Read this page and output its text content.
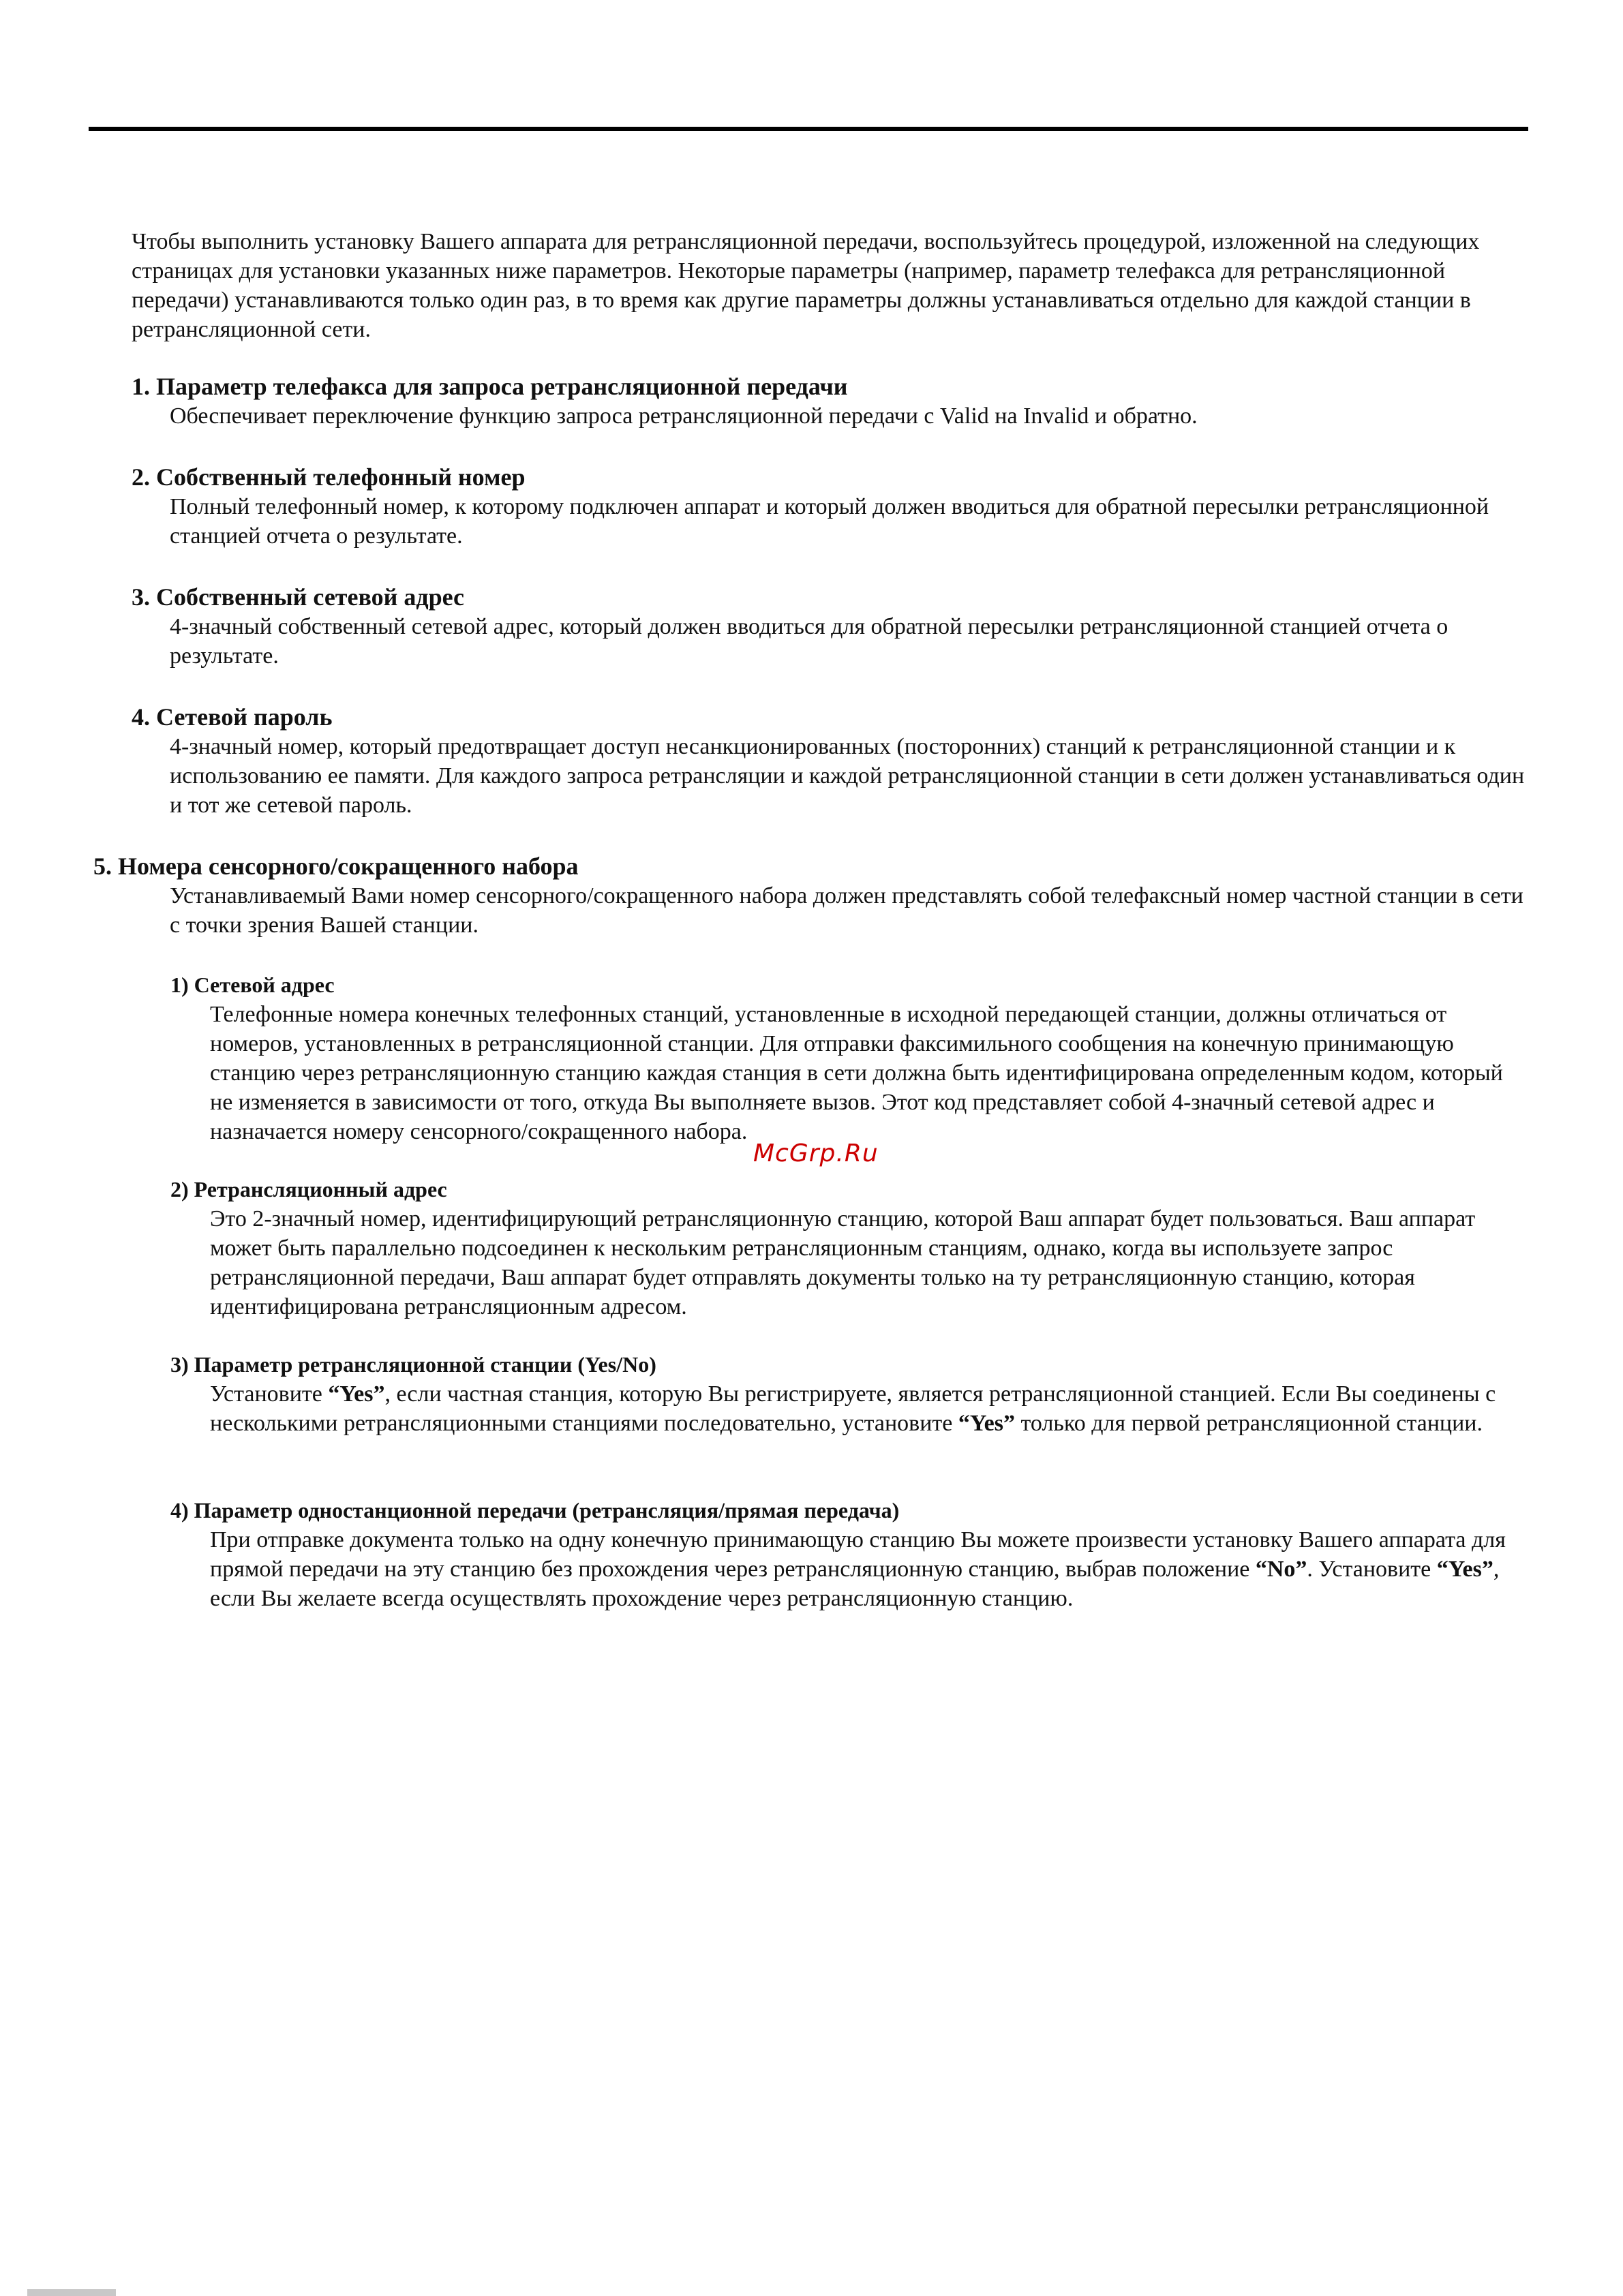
Чтобы выполнить установку Вашего аппарата для ретрансляционной передачи, воспользуйтесь процедурой, изложенной на следующих страницах для установки указанных ниже параметров. Некоторые параметры (например, параметр телефакса для ретрансляционной передачи) устанавливаются только один раз, в то время как другие параметры должны устанавливаться отдельно для каждой станции в ретрансляционной сети.
1. Параметр телефакса для запроса ретрансляционной передачи
Обеспечивает переключение функцию запроса ретрансляционной передачи с Valid на Invalid и обратно.
2. Собственный телефонный номер
Полный телефонный номер, к которому подключен аппарат и который должен вводиться для обратной пересылки ретрансляционной станцией отчета о результате.
3. Собственный сетевой адрес
4-значный собственный сетевой адрес, который должен вводиться для обратной пересылки ретрансляционной станцией отчета о результате.
4. Сетевой пароль
4-значный номер, который предотвращает доступ несанкционированных (посторонних) станций к ретрансляционной станции и к использованию ее памяти. Для каждого запроса ретрансляции и каждой ретрансляционной станции в сети должен устанавливаться один и тот же сетевой пароль.
5. Номера сенсорного/сокращенного набора
Устанавливаемый Вами номер сенсорного/сокращенного набора должен представлять собой телефаксный номер частной станции в сети с точки зрения Вашей станции.
1) Сетевой адрес
Телефонные номера конечных телефонных станций, установленные в исходной передающей станции, должны отличаться от номеров, установленных в ретрансляционной станции. Для отправки факсимильного сообщения на конечную принимающую станцию через ретрансляционную станцию каждая станция в сети должна быть идентифицирована определенным кодом, который не изменяется в зависимости от того, откуда Вы выполняете вызов. Этот код представляет собой 4-значный сетевой адрес и назначается номеру сенсорного/сокращенного набора.
McGrp.Ru
2) Ретрансляционный адрес
Это 2-значный номер, идентифицирующий ретрансляционную станцию, которой Ваш аппарат будет пользоваться. Ваш аппарат может быть параллельно подсоединен к нескольким ретрансляционным станциям, однако, когда вы используете запрос ретрансляционной передачи, Ваш аппарат будет отправлять документы только на ту ретрансляционную станцию, которая идентифицирована ретрансляционным адресом.
3) Параметр ретрансляционной станции (Yes/No)
Установите “Yes”, если частная станция, которую Вы регистрируете, является ретрансляционной станцией. Если Вы соединены с несколькими ретрансляционными станциями последовательно, установите “Yes” только для первой ретрансляционной станции.
4) Параметр одностанционной передачи (ретрансляция/прямая передача)
При отправке документа только на одну конечную принимающую станцию Вы можете произвести установку Вашего аппарата для прямой передачи на эту станцию без прохождения через ретрансляционную станцию, выбрав положение “No”. Установите “Yes”, если Вы желаете всегда осуществлять прохождение через ретрансляционную станцию.
